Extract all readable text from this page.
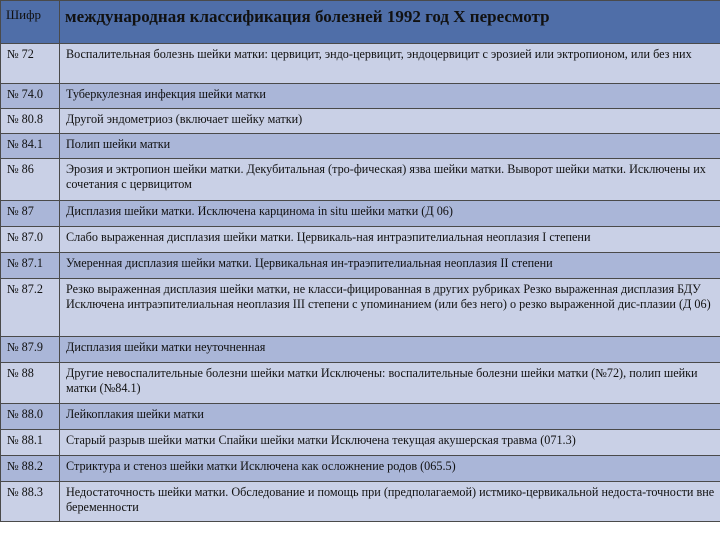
Шифр	международная классификация болезней 1992 год X пересмотр
№ 72	Воспалительная болезнь шейки матки: цервицит, эндо-цервицит, эндоцервицит с эрозией или эктропионом, или без них
№ 74.0	Туберкулезная инфекция шейки матки
№ 80.8	Другой эндометриоз (включает шейку матки)
№ 84.1	Полип шейки матки
№ 86	Эрозия и эктропион шейки матки. Декубитальная (тро-фическая) язва шейки матки. Выворот шейки матки. Исключены их сочетания с цервицитом
№ 87	Дисплазия шейки матки. Исключена карцинома in situ шейки матки (Д 06)
№ 87.0	Слабо выраженная дисплазия шейки матки. Цервикаль-ная интраэпителиальная неоплазия I степени
№ 87.1	Умеренная дисплазия шейки матки. Цервикальная ин-траэпителиальная неоплазия II степени
№ 87.2	Резко выраженная дисплазия шейки матки, не класси-фицированная в других рубриках Резко выраженная дисплазия БДУ Исключена интраэпителиальная неоплазия III степени с упоминанием (или без него) о резко выраженной дис-плазии (Д 06)
№ 87.9	Дисплазия шейки матки неуточненная
№ 88	Другие невоспалительные болезни шейки матки Исключены: воспалительные болезни шейки матки (№72), полип шейки матки (№84.1)
№ 88.0	Лейкоплакия шейки матки
№ 88.1	Старый разрыв шейки матки Спайки шейки матки Исключена текущая акушерская травма (071.3)
№ 88.2	Стриктура и стеноз шейки матки Исключена как осложнение родов (065.5)
№ 88.3	Недостаточность шейки матки. Обследование и помощь при (предполагаемой) истмико-цервикальной недоста-точности вне беременности
